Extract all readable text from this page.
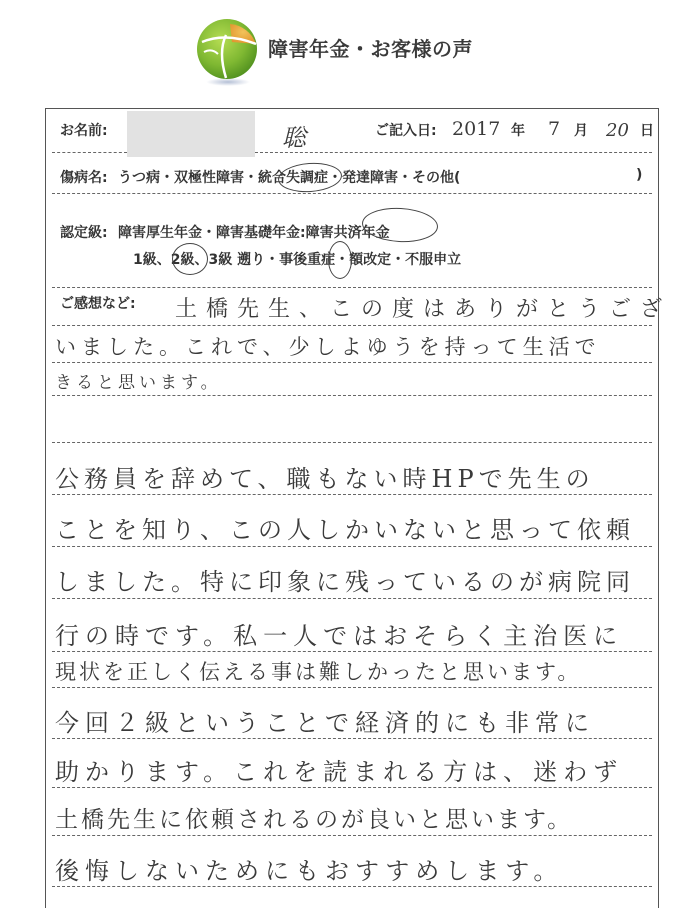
障害年金・お客様の声
お名前:	聡	ご記入日: 2017 年 7 月 20 日
傷病名: うつ病・双極性障害・統合失調症・発達障害・その他(	)
認定級: 障害厚生年金・障害基礎年金:障害共済年金
1級、2級、3級 遡り・事後重症・額改定・不服申立
ご感想など: 土橋先生、この度はありがとうござ
いました。これで、少しよゆうを持って生活で
きると思います。
公務員を辞めて、職もない時HPで先生の
ことを知り、この人しかいないと思って依頼
しました。特に印象に残っているのが病院同
行の時です。私一人ではおそらく主治医に
現状を正しく伝える事は難しかったと思います。
今回２級ということで経済的にも非常に
助かります。これを読まれる方は、迷わず
土橋先生に依頼されるのが良いと思います。
後悔しないためにもおすすめします。
